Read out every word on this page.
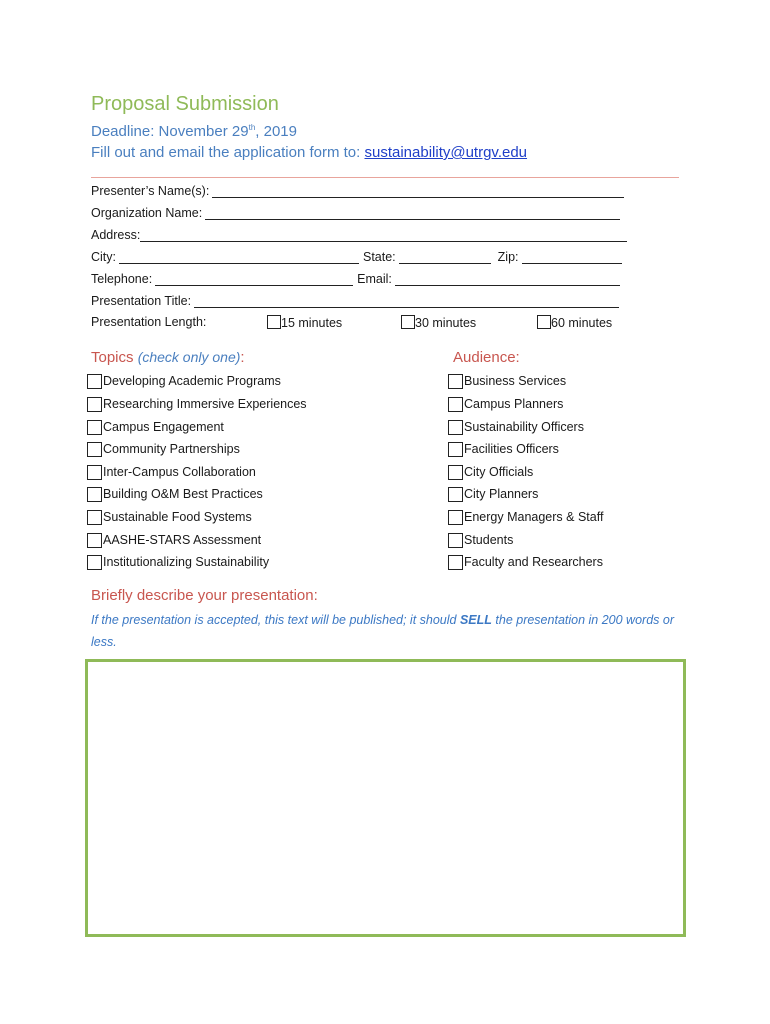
Proposal Submission
Deadline: November 29th, 2019
Fill out and email the application form to: sustainability@utrgv.edu
Presenter’s Name(s):
Organization Name:
Address:
City:	State:	Zip:
Telephone:	Email:
Presentation Title:
Presentation Length:	15 minutes	30 minutes	60 minutes
Topics (check only one):
Developing Academic Programs
Researching Immersive Experiences
Campus Engagement
Community Partnerships
Inter-Campus Collaboration
Building O&M Best Practices
Sustainable Food Systems
AASHE-STARS Assessment
Institutionalizing Sustainability
Audience:
Business Services
Campus Planners
Sustainability Officers
Facilities Officers
City Officials
City Planners
Energy Managers & Staff
Students
Faculty and Researchers
Briefly describe your presentation:
If the presentation is accepted, this text will be published; it should SELL the presentation in 200 words or less.
